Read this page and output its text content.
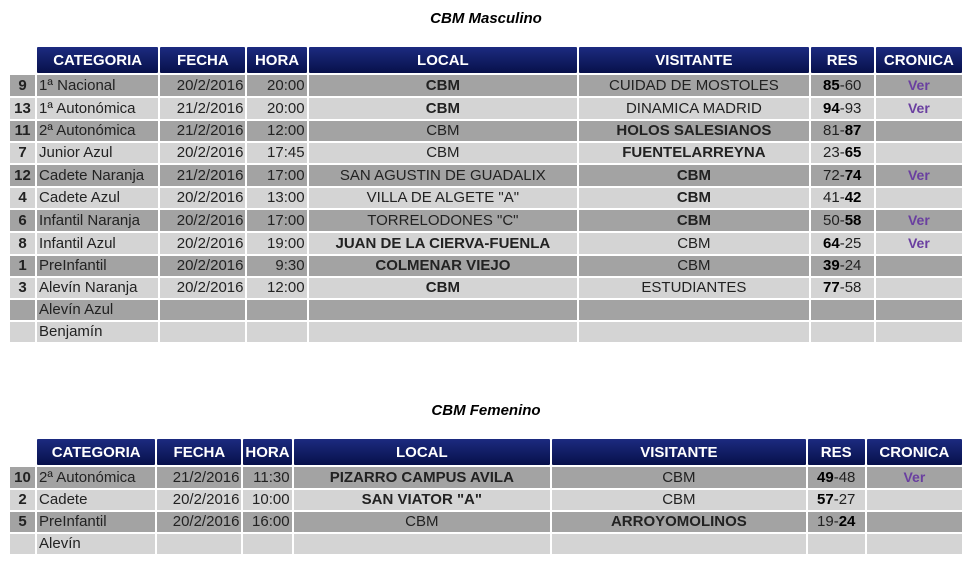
CBM Masculino
	CATEGORIA	FECHA	HORA	LOCAL	VISITANTE	RES	CRONICA
9	1ª Nacional	20/2/2016	20:00	CBM	CUIDAD DE MOSTOLES	85-60	Ver
13	1ª Autonómica	21/2/2016	20:00	CBM	DINAMICA MADRID	94-93	Ver
11	2ª Autonómica	21/2/2016	12:00	CBM	HOLOS SALESIANOS	81-87	
7	Junior Azul	20/2/2016	17:45	CBM	FUENTELARREYNA	23-65	
12	Cadete Naranja	21/2/2016	17:00	SAN AGUSTIN DE GUADALIX	CBM	72-74	Ver
4	Cadete Azul	20/2/2016	13:00	VILLA DE ALGETE "A"	CBM	41-42	
6	Infantil Naranja	20/2/2016	17:00	TORRELODONES "C"	CBM	50-58	Ver
8	Infantil Azul	20/2/2016	19:00	JUAN DE LA CIERVA-FUENLA	CBM	64-25	Ver
1	PreInfantil	20/2/2016	9:30	COLMENAR VIEJO	CBM	39-24	
3	Alevín Naranja	20/2/2016	12:00	CBM	ESTUDIANTES	77-58	
	Alevín Azul						
	Benjamín						
CBM Femenino
	CATEGORIA	FECHA	HORA	LOCAL	VISITANTE	RES	CRONICA
10	2ª Autonómica	21/2/2016	11:30	PIZARRO CAMPUS AVILA	CBM	49-48	Ver
2	Cadete	20/2/2016	10:00	SAN VIATOR "A"	CBM	57-27	
5	PreInfantil	20/2/2016	16:00	CBM	ARROYOMOLINOS	19-24	
	Alevín						
